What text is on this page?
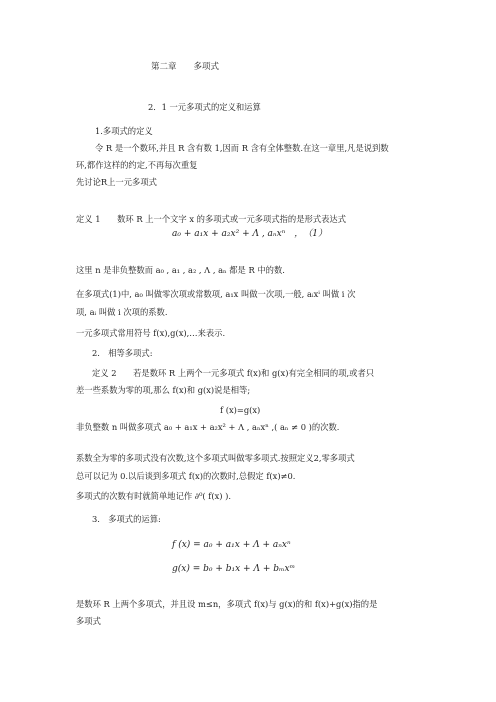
第二章　　多项式
2．1 一元多项式的定义和运算
1.多项式的定义
令 R 是一个数环,并且 R 含有数 1,因而 R 含有全体整数.在这一章里,凡是说到数
环,都作这样的约定,不再每次重复
先讨论R上一元多项式
定义 1　　数环 R 上一个文字 x 的多项式或一元多项式指的是形式表达式
a₀ + a₁x + a₂x² + Λ , aₙxⁿ　，　（1）
这里 n 是非负整数而 a₀ , a₁ , a₂ , Λ , aₙ 都是 R 中的数.
在多项式(1)中, a₀ 叫做零次项或常数项, a₁x 叫做一次项,一般, aᵢxⁱ 叫做 i 次
项, aᵢ 叫做 i 次项的系数.
一元多项式常用符号 f(x),g(x),…来表示.
2.　相等多项式:
定义 2　　若是数环 R 上两个一元多项式 f(x)和 g(x)有完全相同的项,或者只
差一些系数为零的项,那么 f(x)和 g(x)说是相等;
f (x)=g(x)
非负整数 n 叫做多项式 a₀ + a₁x + a₂x² + Λ , aₙxⁿ ,( aₙ ≠ 0 )的次数.
系数全为零的多项式没有次数,这个多项式叫做零多项式.按照定义2,零多项式
总可以记为 0.以后谈到多项式 f(x)的次数时,总假定 f(x)≠0.
多项式的次数有时就简单地记作 ∂⁰( f(x) ).
3.　多项式的运算:
f (x) = a₀ + a₁x + Λ + aₙxⁿ
g(x) = b₀ + b₁x + Λ + bₘxᵐ
是数环 R 上两个多项式，并且设 m≤n，多项式 f(x)与 g(x)的和 f(x)+g(x)指的是
多项式
